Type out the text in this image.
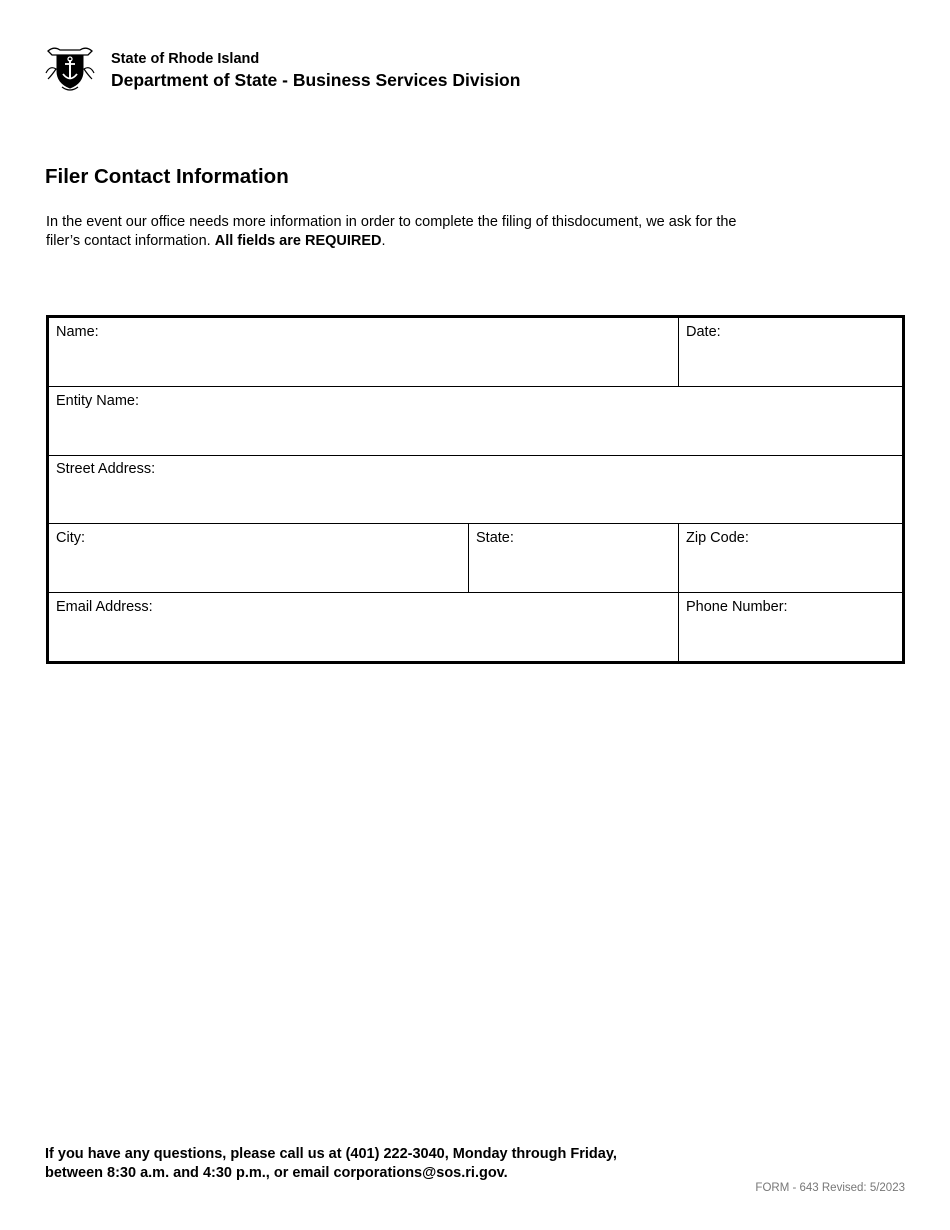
State of Rhode Island
Department of State - Business Services Division
Filer Contact Information
In the event our office needs more information in order to complete the filing of thisdocument, we ask for the
filer’s contact information. All fields are REQUIRED.
Name:	Date:
Entity Name:
Street Address:
City:	State:	Zip Code:
Email Address:	Phone Number:
If you have any questions, please call us at (401) 222-3040, Monday through Friday,
between 8:30 a.m. and 4:30 p.m., or email corporations@sos.ri.gov.
FORM - 643 Revised: 5/2023
